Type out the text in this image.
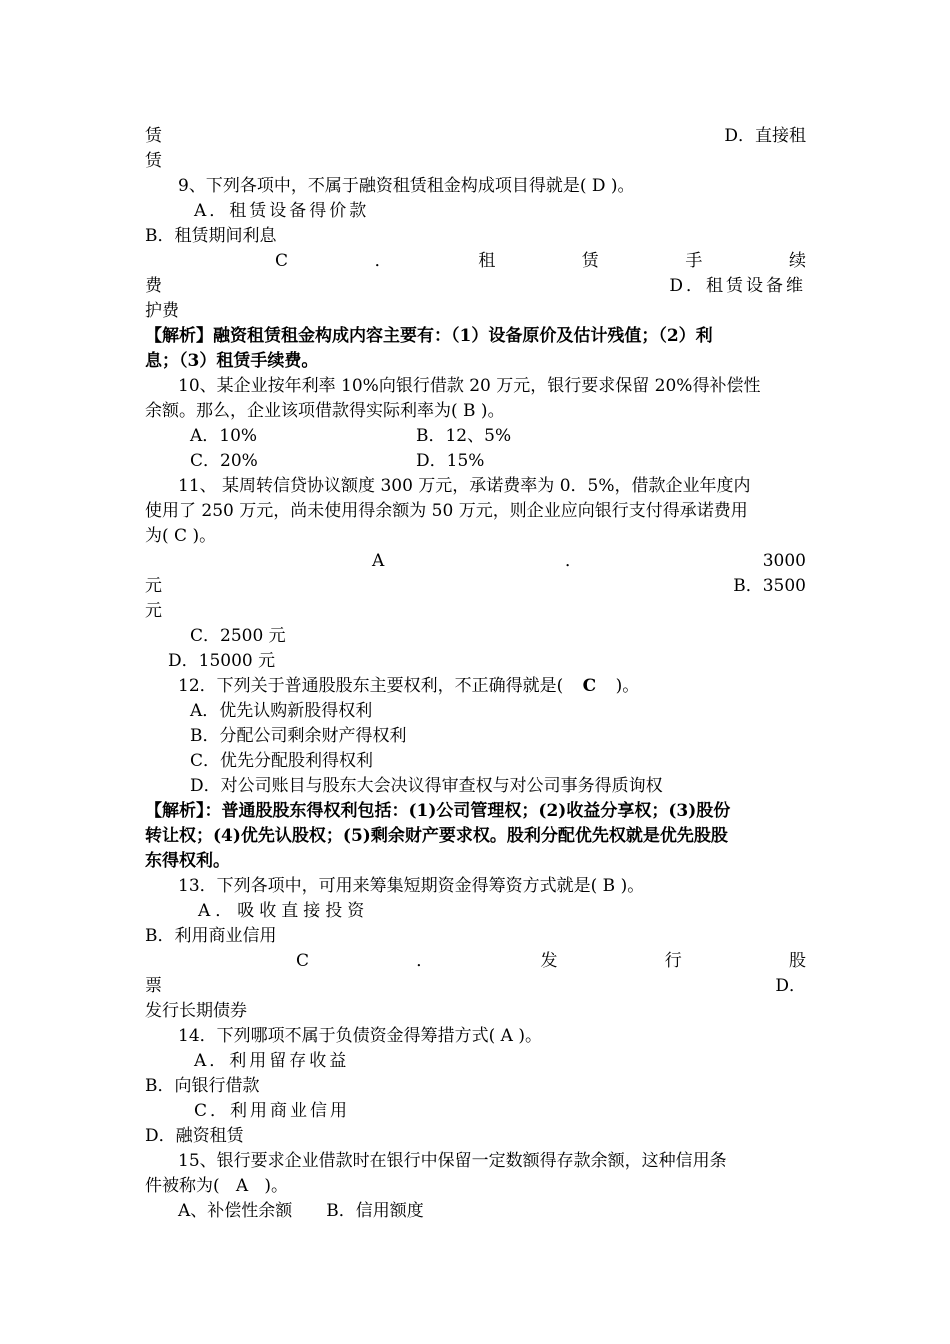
赁	D．直接租
赁
9、下列各项中，不属于融资租赁租金构成项目得就是( D )。
A．租赁设备得价款
B．租赁期间利息
C	．	租	赁	手	续
费	D．租赁设备维
护费
【解析】融资租赁租金构成内容主要有：（1）设备原价及估计残值；（2）利
息；（3）租赁手续费。
10、某企业按年利率 10%向银行借款 20 万元，银行要求保留 20%得补偿性
余额。那么，企业该项借款得实际利率为( B )。
A．10%	B．12、5%
C．20%	D．15%
11、 某周转信贷协议额度 300 万元，承诺费率为 0．5%，借款企业年度内
使用了 250 万元，尚未使用得余额为 50 万元，则企业应向银行支付得承诺费用
为( C )。
A	．	3000
元	B．3500
元
C．2500 元
D．15000 元
12．下列关于普通股股东主要权利，不正确得就是( C )。
A．优先认购新股得权利
B．分配公司剩余财产得权利
C．优先分配股利得权利
D．对公司账目与股东大会决议得审查权与对公司事务得质询权
【解析】：普通股股东得权利包括：(1)公司管理权；(2)收益分享权；(3)股份
转让权；(4)优先认股权；(5)剩余财产要求权。股利分配优先权就是优先股股
东得权利。
13．下列各项中，可用来筹集短期资金得筹资方式就是( B )。
A．吸收直接投资
B．利用商业信用
C	．	发	行	股
票	D．
发行长期债券
14．下列哪项不属于负债资金得筹措方式( A )。
A．利用留存收益
B．向银行借款
C．利用商业信用
D．融资租赁
15、银行要求企业借款时在银行中保留一定数额得存款余额，这种信用条
件被称为(   A   )。
A、补偿性余额　　B．信用额度
